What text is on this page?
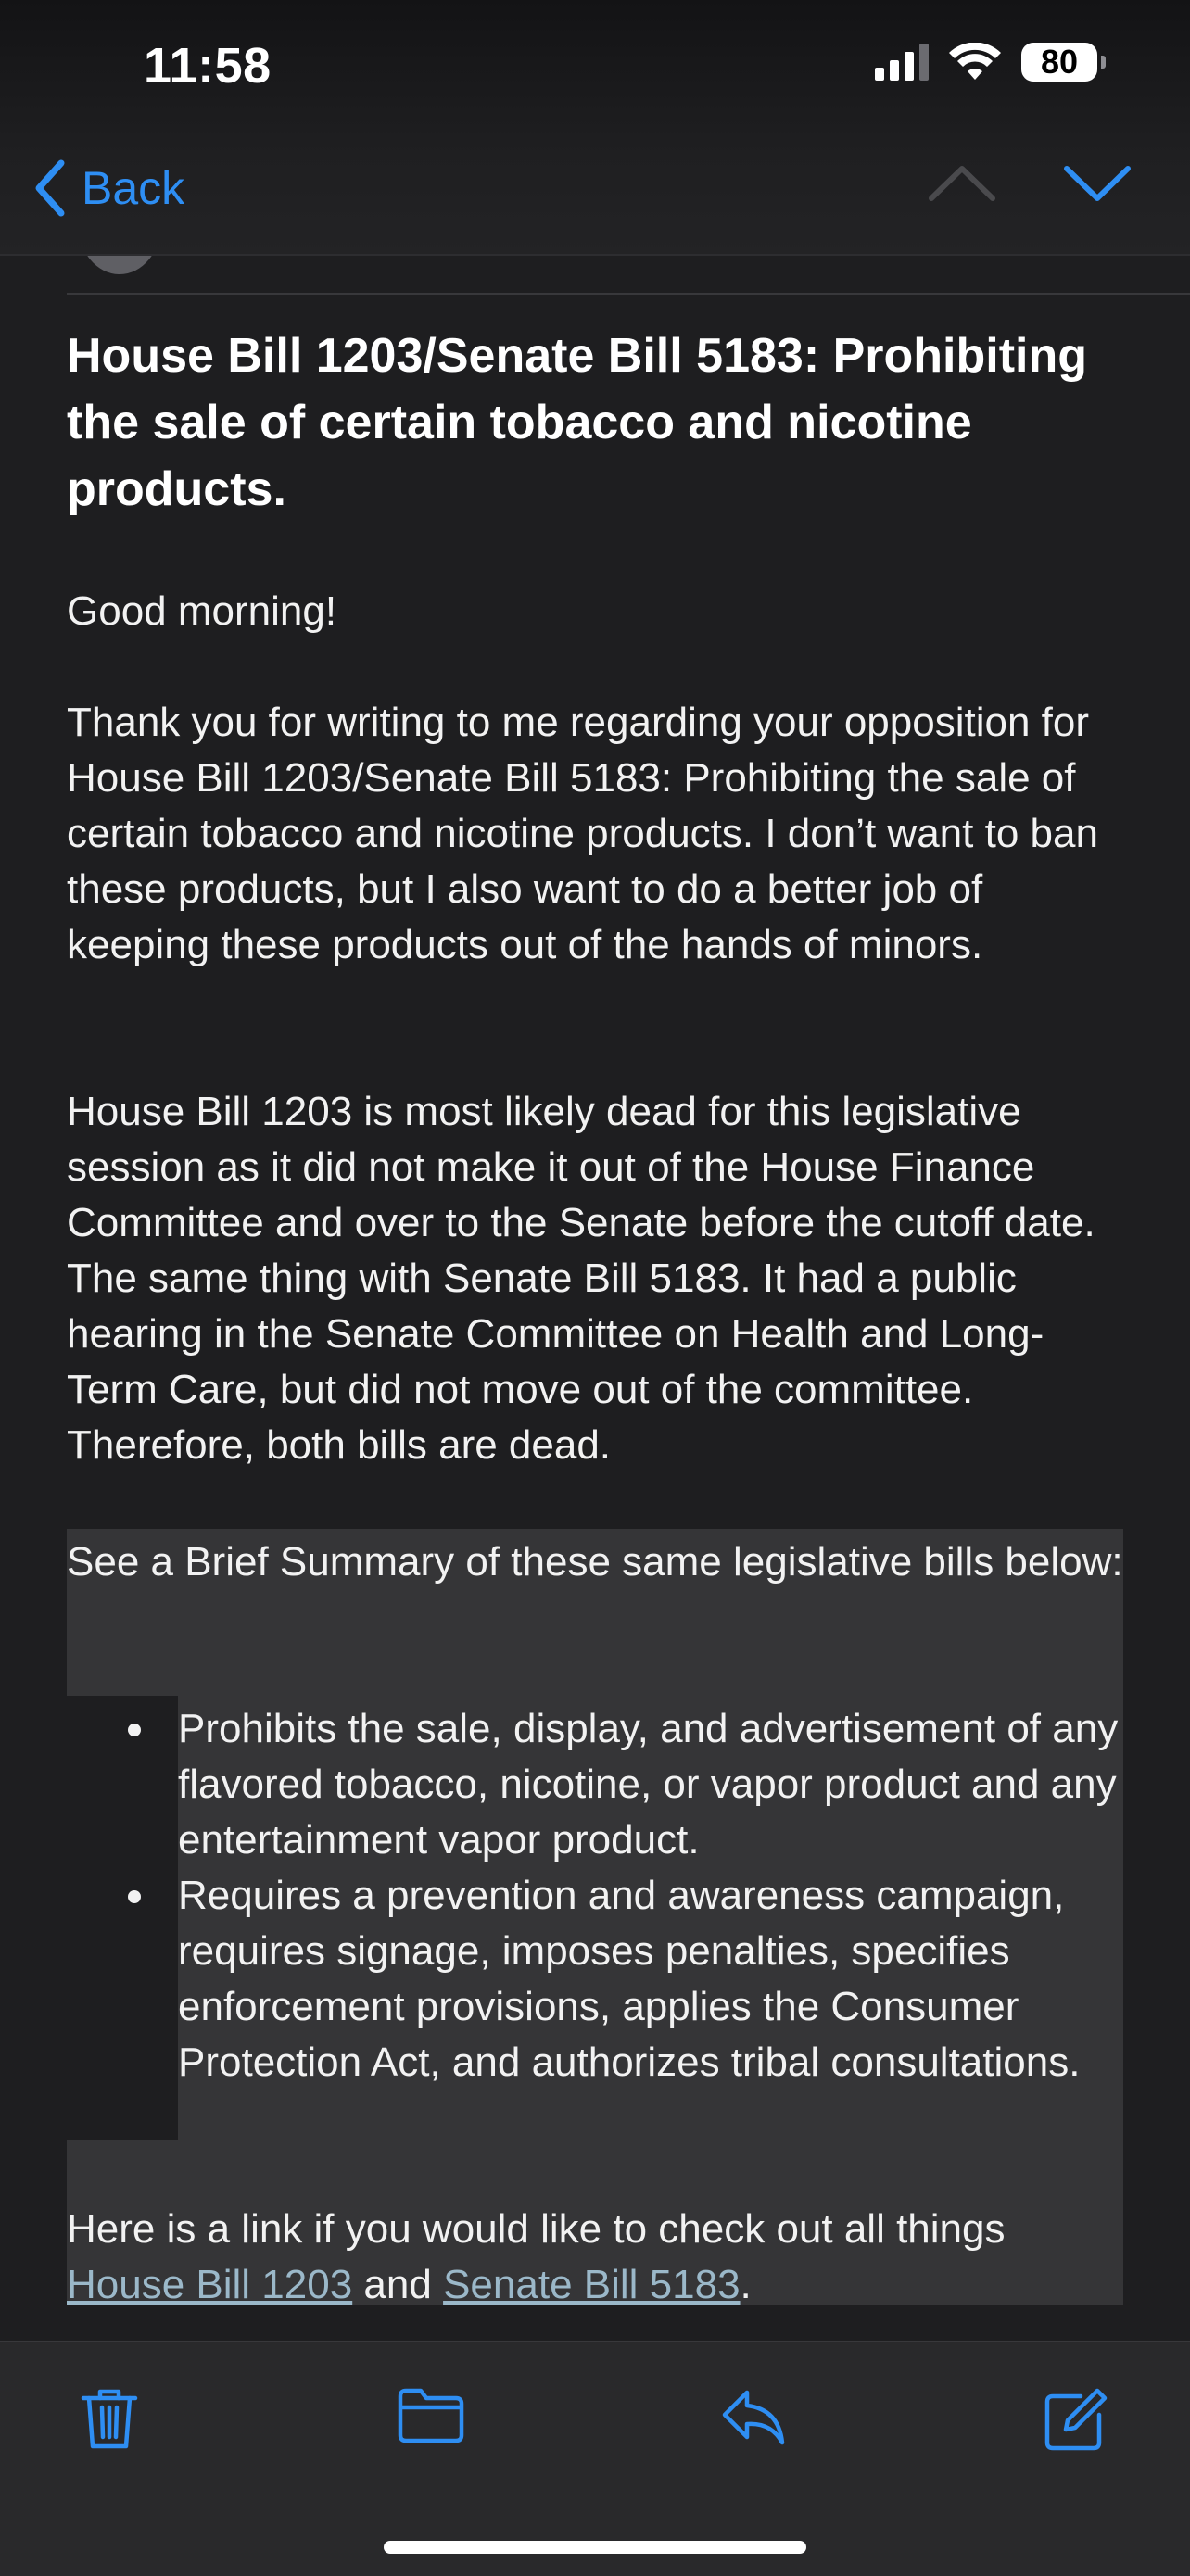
11:58	80
Back
House Bill 1203/Senate Bill 5183: Prohibiting the sale of certain tobacco and nicotine products.
Good morning!
Thank you for writing to me regarding your opposition for House Bill 1203/Senate Bill 5183: Prohibiting the sale of certain tobacco and nicotine products. I don’t want to ban these products, but I also want to do a better job of keeping these products out of the hands of minors.
House Bill 1203 is most likely dead for this legislative session as it did not make it out of the House Finance Committee and over to the Senate before the cutoff date. The same thing with Senate Bill 5183. It had a public hearing in the Senate Committee on Health and Long-Term Care, but did not move out of the committee. Therefore, both bills are dead.
See a Brief Summary of these same legislative bills below:
Prohibits the sale, display, and advertisement of any flavored tobacco, nicotine, or vapor product and any entertainment vapor product.
Requires a prevention and awareness campaign, requires signage, imposes penalties, specifies enforcement provisions, applies the Consumer Protection Act, and authorizes tribal consultations.
Here is a link if you would like to check out all things House Bill 1203 and Senate Bill 5183.
